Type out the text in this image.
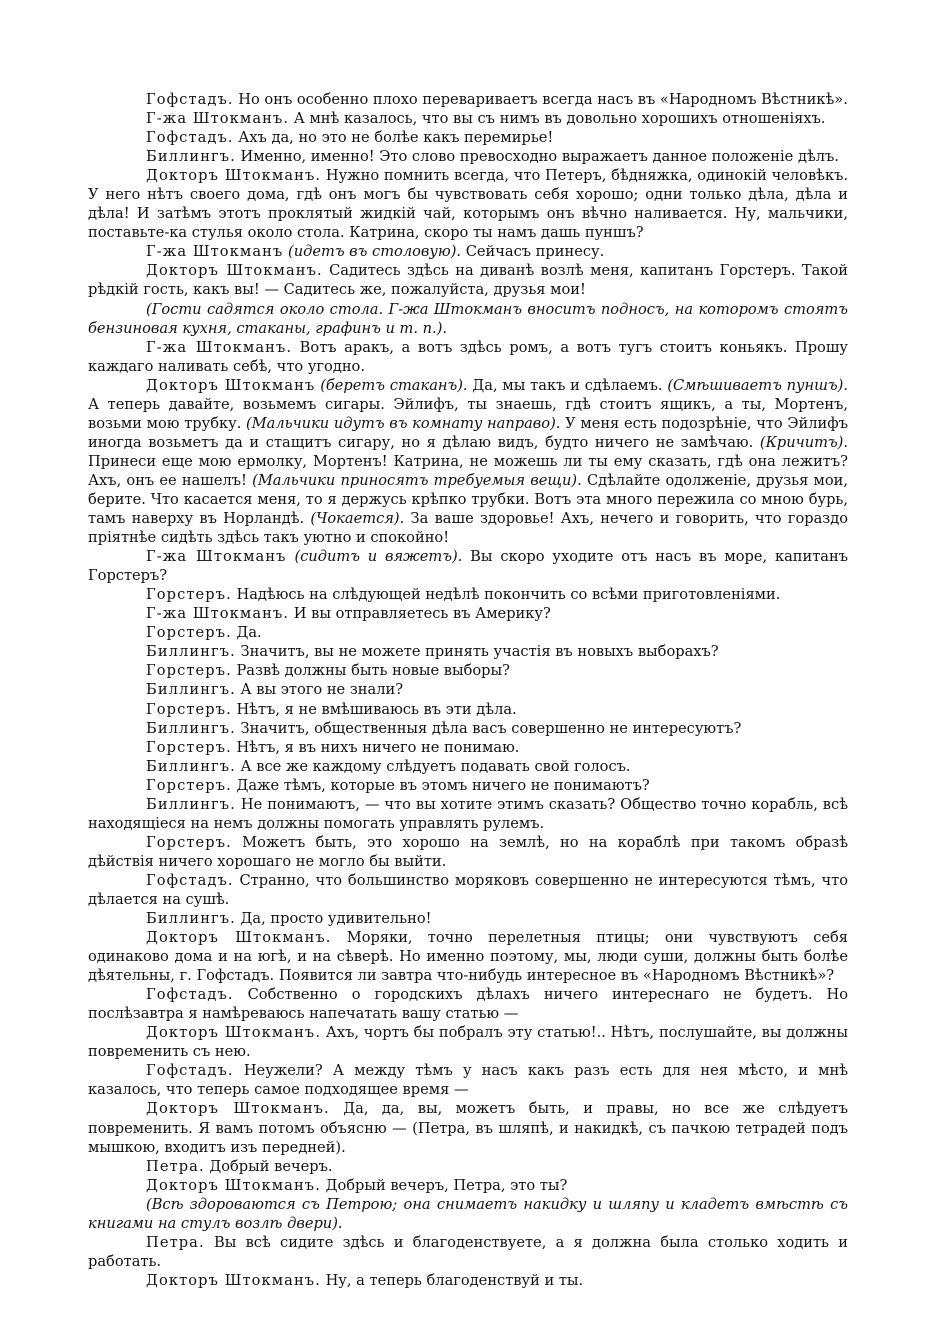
Гофстадъ. Но онъ особенно плохо перевариваетъ всегда насъ въ «Народномъ Вѣстникѣ».

Г-жа Штокманъ. А мнѣ казалось, что вы съ нимъ въ довольно хорошихъ отношеніяхъ.

Гофстадъ. Ахъ да, но это не болѣе какъ перемирье!

Биллингъ. Именно, именно! Это слово превосходно выражаетъ данное положеніе дѣлъ.

Докторъ Штокманъ. Нужно помнить всегда, что Петеръ, бѣдняжка, одинокій человѣкъ. У него нѣтъ своего дома, гдѣ онъ могъ бы чувствовать себя хорошо; одни только дѣла, дѣла и дѣла! И затѣмъ этотъ проклятый жидкій чай, которымъ онъ вѣчно наливается. Ну, мальчики, поставьте-ка стулья около стола. Катрина, скоро ты намъ дашь пуншъ?

Г-жа Штокманъ (идетъ въ столовую). Сейчасъ принесу.

Докторъ Штокманъ. Садитесь здѣсь на диванѣ возлѣ меня, капитанъ Горстеръ. Такой рѣдкій гость, какъ вы! — Садитесь же, пожалуйста, друзья мои!

(Гости садятся около стола. Г-жа Штокманъ вноситъ подносъ, на которомъ стоятъ бензиновая кухня, стаканы, графинъ и т. п.).

Г-жа Штокманъ. Вотъ аракъ, а вотъ здѣсь ромъ, а вотъ тугъ стоитъ коньякъ. Прошу каждаго наливать себѣ, что угодно.

Докторъ Штокманъ (беретъ стаканъ). Да, мы такъ и сдѣлаемъ. (Смѣшиваетъ пуншъ). А теперь давайте, возьмемъ сигары. Эйлифъ, ты знаешь, гдѣ стоитъ ящикъ, а ты, Мортенъ, возьми мою трубку. (Мальчики идутъ въ комнату направо). У меня есть подозрѣніе, что Эйлифъ иногда возьметъ да и стащитъ сигару, но я дѣлаю видъ, будто ничего не замѣчаю. (Кричитъ). Принеси еще мою ермолку, Мортенъ! Катрина, не можешь ли ты ему сказать, гдѣ она лежитъ? Ахъ, онъ ее нашелъ! (Мальчики приносятъ требуемыя вещи). Сдѣлайте одолженіе, друзья мои, берите. Что касается меня, то я держусь крѣпко трубки. Вотъ эта много пережила со мною бурь, тамъ наверху въ Норландѣ. (Чокается). За ваше здоровье! Ахъ, нечего и говорить, что гораздо пріятнѣе сидѣть здѣсь такъ уютно и спокойно!

Г-жа Штокманъ (сидитъ и вяжетъ). Вы скоро уходите отъ насъ въ море, капитанъ Горстеръ?

Горстеръ. Надѣюсь на слѣдующей недѣлѣ покончить со всѣми приготовленіями.

Г-жа Штокманъ. И вы отправляетесь въ Америку?

Горстеръ. Да.

Биллингъ. Значитъ, вы не можете принять участія въ новыхъ выборахъ?

Горстеръ. Развѣ должны быть новые выборы?

Биллингъ. А вы этого не знали?

Горстеръ. Нѣтъ, я не вмѣшиваюсь въ эти дѣла.

Биллингъ. Значитъ, общественныя дѣла васъ совершенно не интересуютъ?

Горстеръ. Нѣтъ, я въ нихъ ничего не понимаю.

Биллингъ. А все же каждому слѣдуетъ подавать свой голосъ.

Горстеръ. Даже тѣмъ, которые въ этомъ ничего не понимаютъ?

Биллингъ. Не понимаютъ, — что вы хотите этимъ сказать? Общество точно корабль, всѣ находящіеся на немъ должны помогать управлять рулемъ.

Горстеръ. Можетъ быть, это хорошо на землѣ, но на кораблѣ при такомъ образѣ дѣйствія ничего хорошаго не могло бы выйти.

Гофстадъ. Странно, что большинство моряковъ совершенно не интересуются тѣмъ, что дѣлается на сушѣ.

Биллингъ. Да, просто удивительно!

Докторъ Штокманъ. Моряки, точно перелетныя птицы; они чувствуютъ себя одинаково дома и на югѣ, и на сѣверѣ. Но именно поэтому, мы, люди суши, должны быть болѣе дѣятельны, г. Гофстадъ. Появится ли завтра что-нибудь интересное въ «Народномъ Вѣстникѣ»?

Гофстадъ. Собственно о городскихъ дѣлахъ ничего интереснаго не будетъ. Но послѣзавтра я намѣреваюсь напечатать вашу статью —

Докторъ Штокманъ. Ахъ, чортъ бы побралъ эту статью!.. Нѣтъ, послушайте, вы должны повременить съ нею.

Гофстадъ. Неужели? А между тѣмъ у насъ какъ разъ есть для нея мѣсто, и мнѣ казалось, что теперь самое подходящее время —

Докторъ Штокманъ. Да, да, вы, можетъ быть, и правы, но все же слѣдуетъ повременить. Я вамъ потомъ объясню — (Петра, въ шляпѣ, и накидкѣ, съ пачкою тетрадей подъ мышкою, входитъ изъ передней).

Петра. Добрый вечеръ.

Докторъ Штокманъ. Добрый вечеръ, Петра, это ты?

(Всѣ здороваются съ Петрою; она снимаетъ накидку и шляпу и кладетъ вмѣстѣ съ книгами на стулъ возлѣ двери).

Петра. Вы всѣ сидите здѣсь и благоденствуете, а я должна была столько ходить и работать.

Докторъ Штокманъ. Ну, а теперь благоденствуй и ты.
